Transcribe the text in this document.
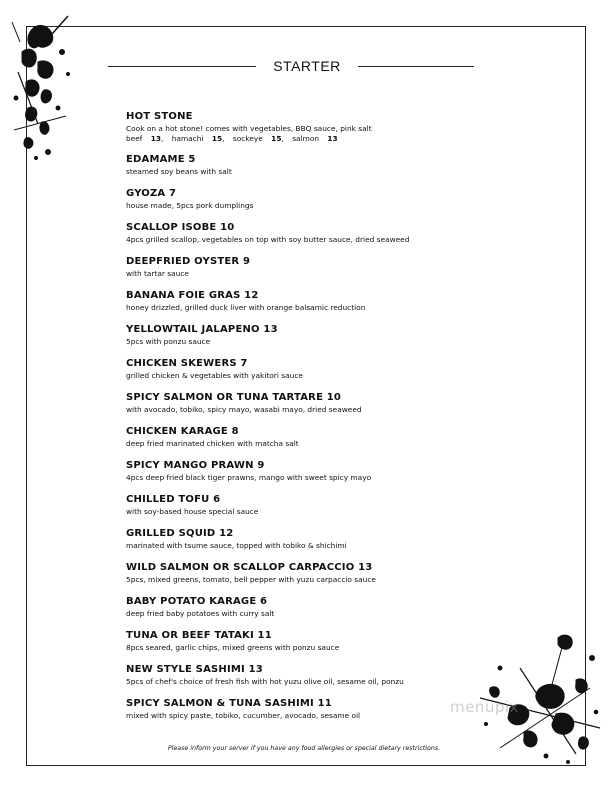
STARTER
HOT STONE
Cook on a hot stone! comes with vegetables, BBQ sauce, pink salt
beef 13, hamachi 15, sockeye 15, salmon 13
EDAMAME 5
steamed soy beans with salt
GYOZA 7
house made, 5pcs pork dumplings
SCALLOP ISOBE 10
4pcs grilled scallop, vegetables on top with soy butter sauce, dried seaweed
DEEPFRIED OYSTER 9
with tartar sauce
BANANA FOIE GRAS 12
honey drizzled, grilled duck liver with orange balsamic reduction
YELLOWTAIL JALAPENO 13
5pcs with ponzu sauce
CHICKEN SKEWERS 7
grilled chicken & vegetables with yakitori sauce
SPICY SALMON OR TUNA TARTARE 10
with avocado, tobiko, spicy mayo, wasabi mayo, dried seaweed
CHICKEN KARAGE 8
deep fried marinated chicken with matcha salt
SPICY MANGO PRAWN 9
4pcs deep fried black tiger prawns, mango with sweet spicy mayo
CHILLED TOFU 6
with soy-based house special sauce
GRILLED SQUID 12
marinated with tsume sauce, topped with tobiko & shichimi
WILD SALMON OR SCALLOP CARPACCIO 13
5pcs, mixed greens, tomato, bell pepper with yuzu carpaccio sauce
BABY POTATO KARAGE 6
deep fried baby potatoes with curry salt
TUNA OR BEEF TATAKI 11
8pcs seared, garlic chips, mixed greens with ponzu sauce
NEW STYLE SASHIMI 13
5pcs of chef's choice of fresh fish with hot yuzu olive oil, sesame oil, ponzu
SPICY SALMON & TUNA SASHIMI 11
mixed with spicy paste, tobiko, cucumber, avocado, sesame oil	menupix
Please inform your server if you have any food allergies or special dietary restrictions.
